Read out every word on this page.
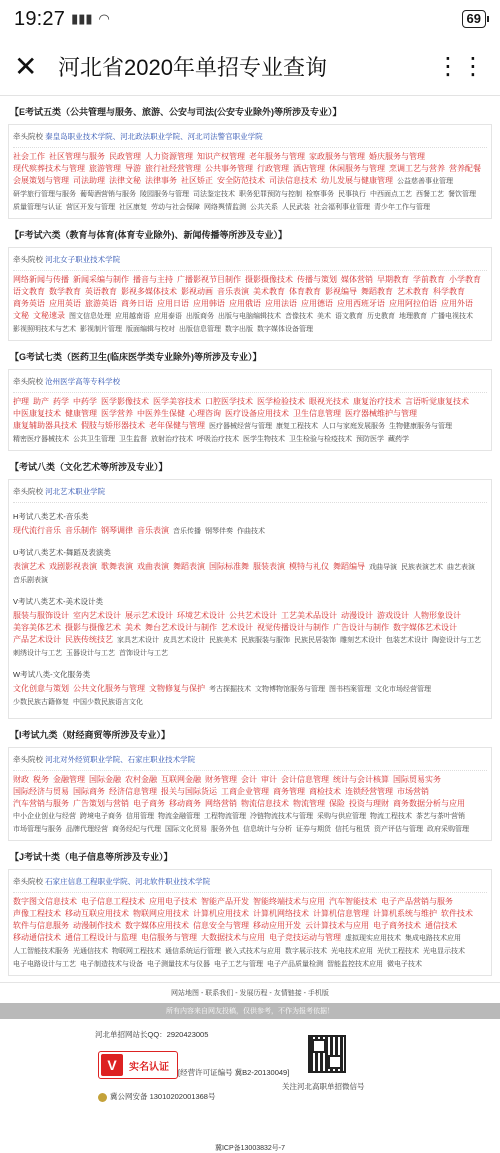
19:27 ▮▮▮ ◠	69
✕ 河北省2020年单招专业查询	⋮⋮
【E考试五类（公共管理与服务、旅游、公安与司法(公安专业除外)等所涉及专业）】
牵头院校 秦皇岛职业技术学院、河北政法职业学院、河北司法警官职业学院
社会工作 社区管理与服务 民政管理 人力资源管理 知识产权管理 老年服务与管理 家政服务与管理 婚庆服务与管理现代殡葬技术与管理 旅游管理 导游 旅行社经营管理 公共事务管理 行政管理 酒店管理 休闲服务与管理 烹调工艺与营养 营养配餐会展策划与管理 司法助理 法律文秘 法律事务 社区矫正 安全防范技术 司法信息技术 幼儿发展与健康管理 公益慈善事业管理研学旅行管理与服务 葡萄酒营销与服务 陵园服务与管理 司法鉴定技术 职务犯罪预防与控制 检察事务 民事执行 中西面点工艺 西餐工艺 餐饮管理质量管理与认证 营区开发与管理 社区康复 劳动与社会保障 网络舆情监测 公共关系 人民武装 社会福利事业管理 青少年工作与管理
【F考试六类（教育与体育(体育专业除外)、新闻传播等所涉及专业）】
牵头院校 河北女子职业技术学院
网络新闻与传播 新闻采编与制作 播音与主持 广播影视节目制作 摄影摄像技术 传播与策划 媒体营销 早期教育 学前教育 小学教育语文教育 数学教育 英语教育 影视多媒体技术 影视动画 音乐表演 美术教育 体育教育 影视编导 舞蹈教育 艺术教育 科学教育商务英语 应用英语 旅游英语 商务日语 应用日语 应用韩语 应用俄语 应用法语 应用德语 应用西班牙语 应用阿拉伯语 应用外语文秘 文秘速录 图文信息处理 应用越南语 应用泰语 出版商务 出版与电脑编辑技术 音像技术 美术 语文教育 历史教育 地理教育 广播电视技术影视照明技术与艺术 影视制片管理 版面编辑与校对 出版信息管理 数字出版 数字媒体设备管理
【G考试七类（医药卫生(临床医学类专业除外)等所涉及专业）】
牵头院校 沧州医学高等专科学校
护理 助产 药学 中药学 医学影像技术 医学美容技术 口腔医学技术 医学检验技术 眼视光技术 康复治疗技术 言语听觉康复技术中医康复技术 健康管理 医学营养 中医养生保健 心理咨询 医疗设备应用技术 卫生信息管理 医疗器械维护与管理康复辅助器具技术 假肢与矫形器技术 老年保健与管理 医疗器械经营与管理 康复工程技术 人口与家庭发展服务 生物健康服务与管理精密医疗器械技术 公共卫生管理 卫生监督 放射治疗技术 呼吸治疗技术 医学生物技术 卫生检验与检疫技术 预防医学 藏药学
【考试八类（文化艺术等所涉及专业）】
牵头院校 河北艺术职业学院
H考试八类艺术-音乐类
现代流行音乐 音乐制作 钢琴调律 音乐表演 音乐传播 钢琴伴奏 作曲技术
U考试八类艺术-舞蹈及表演类
表演艺术 戏剧影视表演 歌舞表演 戏曲表演 舞蹈表演 国际标准舞 服装表演 模特与礼仪 舞蹈编导 戏曲导演 民族表演艺术 曲艺表演音乐剧表演
V考试八类艺术-美术设计类
服装与服饰设计 室内艺术设计 展示艺术设计 环境艺术设计 公共艺术设计 工艺美术品设计 动漫设计 游戏设计 人物形象设计美容美体艺术 摄影与摄像艺术 美术 舞台艺术设计与制作 艺术设计 视觉传播设计与制作 广告设计与制作 数字媒体艺术设计产品艺术设计 民族传统技艺 家具艺术设计 皮具艺术设计 民族美术 民族服装与服饰 民族民居装饰 雕刻艺术设计 包装艺术设计 陶瓷设计与工艺刺绣设计与工艺 玉器设计与工艺 首饰设计与工艺
W考试八类-文化服务类
文化创意与策划 公共文化服务与管理 文物修复与保护 考古探掘技术 文物博物馆服务与管理 图书档案管理 文化市场经营管理少数民族古籍修复 中国少数民族语言文化
【I考试九类（财经商贸等所涉及专业）】
牵头院校 河北对外经贸职业学院、石家庄职业技术学院
财政 税务 金融管理 国际金融 农村金融 互联网金融 财务管理 会计 审计 会计信息管理 统计与会计核算 国际贸易实务国际经济与贸易 国际商务 经济信息管理 报关与国际货运 工商企业管理 商务管理 商检技术 连锁经营管理 市场营销汽车营销与服务 广告策划与营销 电子商务 移动商务 网络营销 物流信息技术 物流管理 保险 投资与理财 商务数据分析与应用中小企业创业与经营 跨境电子商务 信用管理 物流金融管理 工程物流管理 冷链物流技术与管理 采购与供应管理 物流工程技术 茶艺与茶叶营销市场管理与服务 品牌代理经营 商务经纪与代理 国际文化贸易 服务外包 信息统计与分析 证券与期货 信托与租赁 资产评估与管理 政府采购管理
【J考试十类（电子信息等所涉及专业）】
牵头院校 石家庄信息工程职业学院、河北软件职业技术学院
数字图文信息技术 电子信息工程技术 应用电子技术 智能产品开发 智能终端技术与应用 汽车智能技术 电子产品营销与服务声像工程技术 移动互联应用技术 物联网应用技术 计算机应用技术 计算机网络技术 计算机信息管理 计算机系统与维护 软件技术软件与信息服务 动漫制作技术 数字媒体应用技术 信息安全与管理 移动应用开发 云计算技术与应用 电子商务技术 通信技术移动通信技术 通信工程设计与监理 电信服务与管理 大数据技术与应用 电子竞技运动与管理 虚拟现实应用技术 集成电路技术应用人工智能技术服务 光通信技术 物联网工程技术 通信系统运行管理 嵌入式技术与应用 数字展示技术 光电技术应用 光伏工程技术 光电显示技术电子电路设计与工艺 电子制造技术与设备 电子测量技术与仪器 电子工艺与管理 电子产品质量检测 智能监控技术应用 微电子技术
网站地图 - 联系我们 - 发展历程 - 友情链接 - 手机版
所有内容来自网友投稿，仅供参考，不作为报考依据！
河北单招网站长QQ：2920423005
V	实名认证 [经营许可证编号 冀B2-20130049]
冀公网安备 13010202001368号
关注河北高职单招微信号
冀ICP备13003832号-7
